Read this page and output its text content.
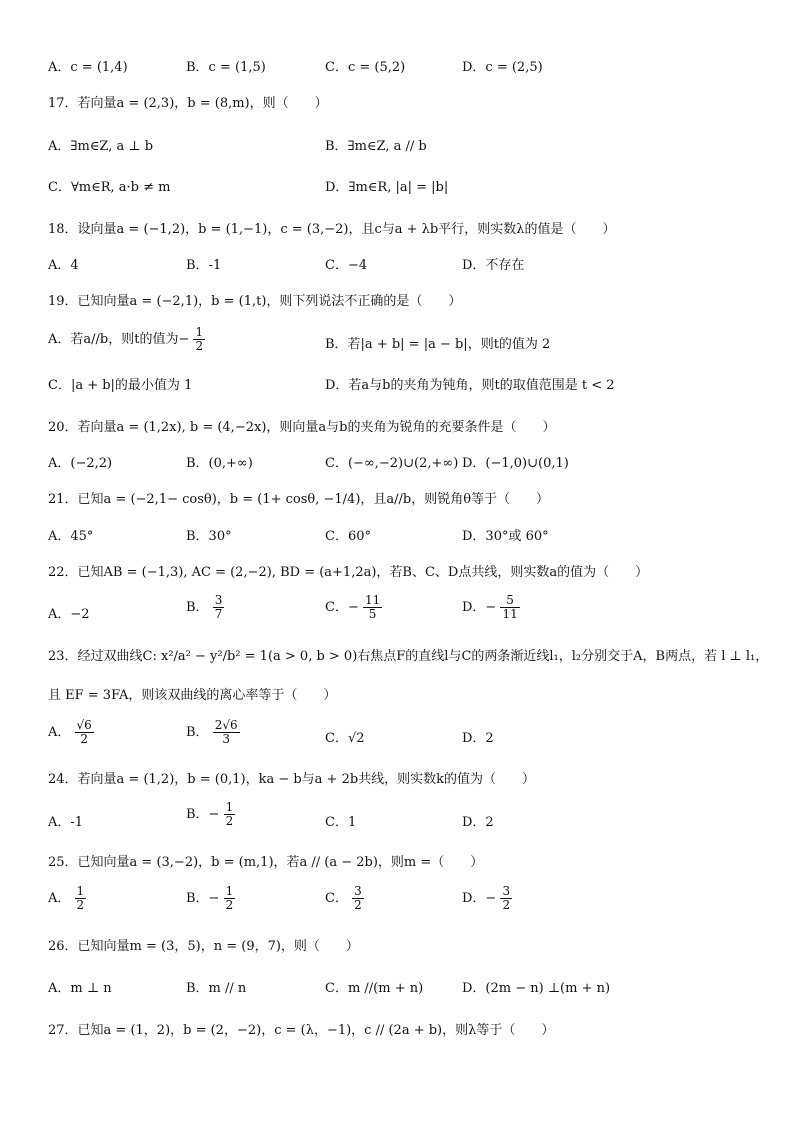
A．c = (1,4)	B．c = (1,5)	C．c = (5,2)	D．c = (2,5)
17．若向量a = (2,3)，b = (8,m)，则（　　）
A．∃m∈Z, a ⊥ b	B．∃m∈Z, a // b
C．∀m∈R, a·b ≠ m	D．∃m∈R, |a| = |b|
18．设向量a = (−1,2)，b = (1,−1)，c = (3,−2)，且c与a + λb平行，则实数λ的值是（　　）
A．4	B．-1	C．−4	D．不存在
19．已知向量a = (−2,1)，b = (1,t)，则下列说法不正确的是（　　）
A．若a//b，则t的值为− $\frac{1}{2}$	B．若|a + b| = |a − b|，则t的值为 2
C．|a + b|的最小值为 1	D．若a与b的夹角为钝角，则t的取值范围是 t < 2
20．若向量a = (1,2x), b = (4,−2x)，则向量a与b的夹角为锐角的充要条件是（　　）
A．(−2,2)	B．(0,+∞)	C．(−∞,−2)∪(2,+∞) D．(−1,0)∪(0,1)
21．已知a = (−2,1− cosθ)，b = (1+ cosθ, −1/4)，且a//b，则锐角θ等于（　　）
A．45°	B．30°	C．60°	D．30°或 60°
22．已知AB = (−1,3), AC = (2,−2), BD = (a+1,2a)，若B、C、D点共线，则实数a的值为（　　）
A．−2	B． $\frac{3}{7}$	C．− $\frac{11}{5}$	D．− $\frac{5}{11}$
23．经过双曲线C: x²/a² − y²/b² = 1(a > 0, b > 0)右焦点F的直线l与C的两条渐近线l₁，l₂分别交于A，B两点，若 l ⊥ l₁，
且 EF = 3FA，则该双曲线的离心率等于（　　）
A． $\frac{√6}{2}$	B． $\frac{2√6}{3}$	C．√2	D．2
24．若向量a = (1,2)，b = (0,1)，ka − b与a + 2b共线，则实数k的值为（　　）
A．-1
B．− $\frac{1}{2}$	C．1	D．2
25．已知向量a = (3,−2)，b = (m,1)，若a // (a − 2b)，则m =（　　）
A． $\frac{1}{2}$	B．− $\frac{1}{2}$	C． $\frac{3}{2}$	D．− $\frac{3}{2}$
26．已知向量m = (3，5)，n = (9，7)，则（　　）
A．m ⊥ n	B．m // n	C．m //(m + n)	D．(2m − n) ⊥(m + n)
27．已知a = (1，2)，b = (2，−2)，c = (λ，−1)，c // (2a + b)，则λ等于（　　）
